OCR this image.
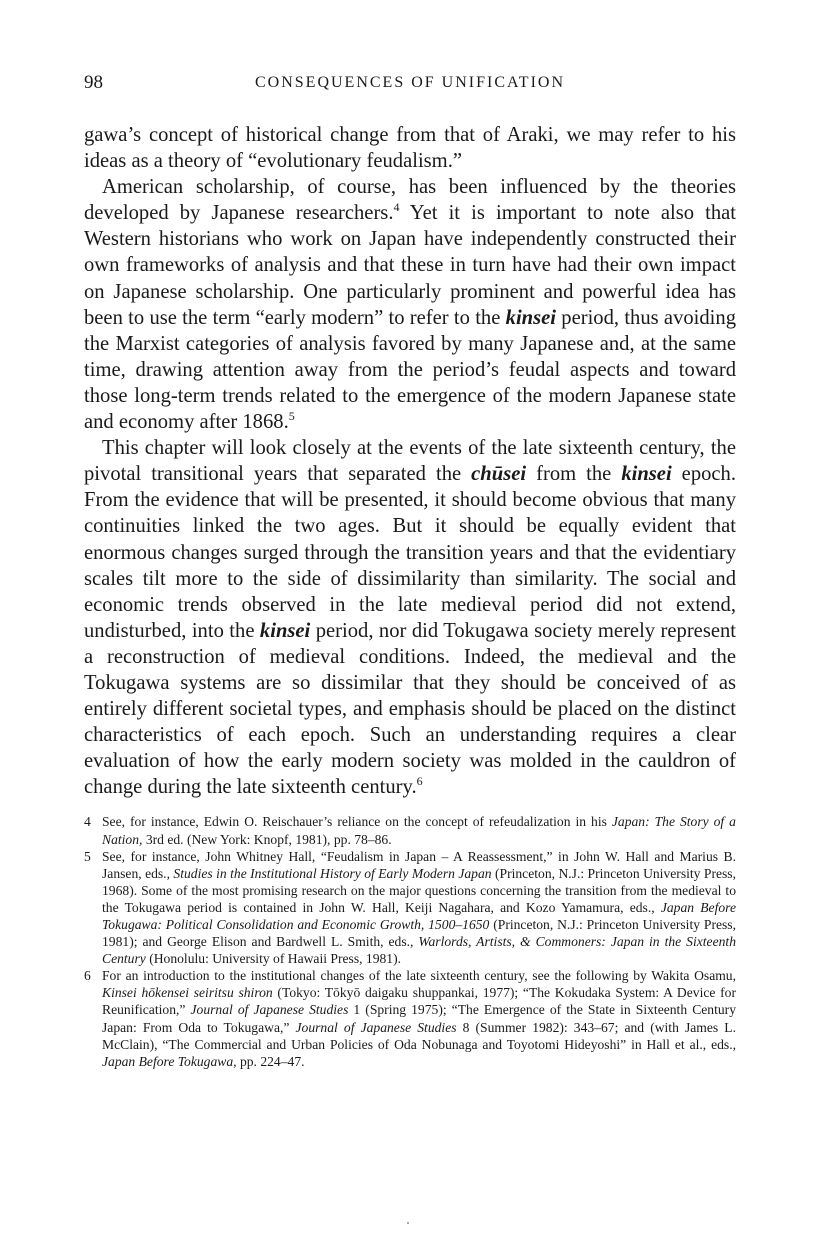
98	CONSEQUENCES OF UNIFICATION

gawa’s concept of historical change from that of Araki, we may refer to his ideas as a theory of “evolutionary feudalism.”

American scholarship, of course, has been influenced by the theories developed by Japanese researchers.$^4$ Yet it is important to note also that Western historians who work on Japan have independently constructed their own frameworks of analysis and that these in turn have had their own impact on Japanese scholarship. One particularly prominent and powerful idea has been to use the term “early modern” to refer to the kinsei period, thus avoiding the Marxist categories of analysis favored by many Japanese and, at the same time, drawing attention away from the period’s feudal aspects and toward those long-term trends related to the emergence of the modern Japanese state and economy after 1868.$^5$

This chapter will look closely at the events of the late sixteenth century, the pivotal transitional years that separated the chūsei from the kinsei epoch. From the evidence that will be presented, it should become obvious that many continuities linked the two ages. But it should be equally evident that enormous changes surged through the transition years and that the evidentiary scales tilt more to the side of dissimilarity than similarity. The social and economic trends observed in the late medieval period did not extend, undisturbed, into the kinsei period, nor did Tokugawa society merely represent a reconstruction of medieval conditions. Indeed, the medieval and the Tokugawa systems are so dissimilar that they should be conceived of as entirely different societal types, and emphasis should be placed on the distinct characteristics of each epoch. Such an understanding requires a clear evaluation of how the early modern society was molded in the cauldron of change during the late sixteenth century.$^6$

4 See, for instance, Edwin O. Reischauer’s reliance on the concept of refeudalization in his Japan: The Story of a Nation, 3rd ed. (New York: Knopf, 1981), pp. 78–86.

5 See, for instance, John Whitney Hall, “Feudalism in Japan – A Reassessment,” in John W. Hall and Marius B. Jansen, eds., Studies in the Institutional History of Early Modern Japan (Princeton, N.J.: Princeton University Press, 1968). Some of the most promising research on the major questions concerning the transition from the medieval to the Tokugawa period is contained in John W. Hall, Keiji Nagahara, and Kozo Yamamura, eds., Japan Before Tokugawa: Political Consolidation and Economic Growth, 1500–1650 (Princeton, N.J.: Princeton University Press, 1981); and George Elison and Bardwell L. Smith, eds., Warlords, Artists, & Commoners: Japan in the Sixteenth Century (Honolulu: University of Hawaii Press, 1981).

6 For an introduction to the institutional changes of the late sixteenth century, see the following by Wakita Osamu, Kinsei hōkensei seiritsu shiron (Tokyo: Tōkyō daigaku shuppankai, 1977); “The Kokudaka System: A Device for Reunification,” Journal of Japanese Studies 1 (Spring 1975); “The Emergence of the State in Sixteenth Century Japan: From Oda to Tokugawa,” Journal of Japanese Studies 8 (Summer 1982): 343–67; and (with James L. McClain), “The Commercial and Urban Policies of Oda Nobunaga and Toyotomi Hideyoshi” in Hall et al., eds., Japan Before Tokugawa, pp. 224–47.
